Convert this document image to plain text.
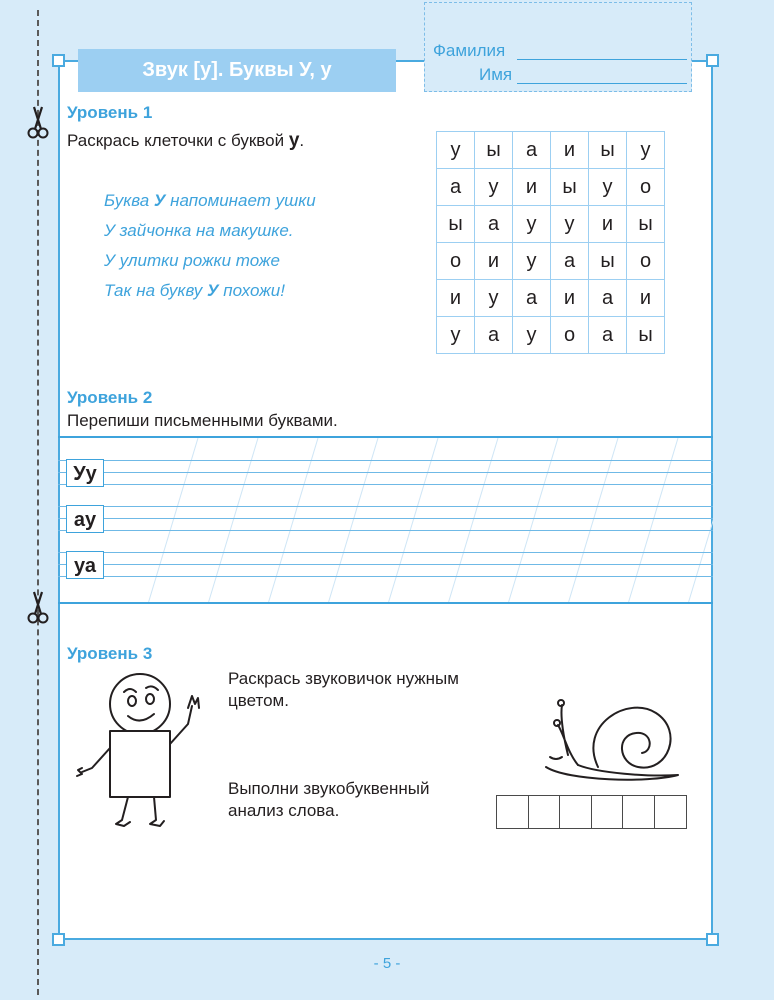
Фамилия
Имя
Звук [у]. Буквы У, у
Уровень 1
Раскрась клеточки с буквой у.
Буква У напоминает ушки
У зайчонка на макушке.
У улитки рожки тоже
Так на букву У похожи!
у	ы	а	и	ы	у
а	у	и	ы	у	о
ы	а	у	у	и	ы
о	и	у	а	ы	о
и	у	а	и	а	и
у	а	у	о	а	ы
Уровень 2
Перепиши письменными буквами.
Уу
ау
уа
Уровень 3
Раскрась звуковичок нужным цветом.
Выполни звукобуквенный анализ слова.
- 5 -
